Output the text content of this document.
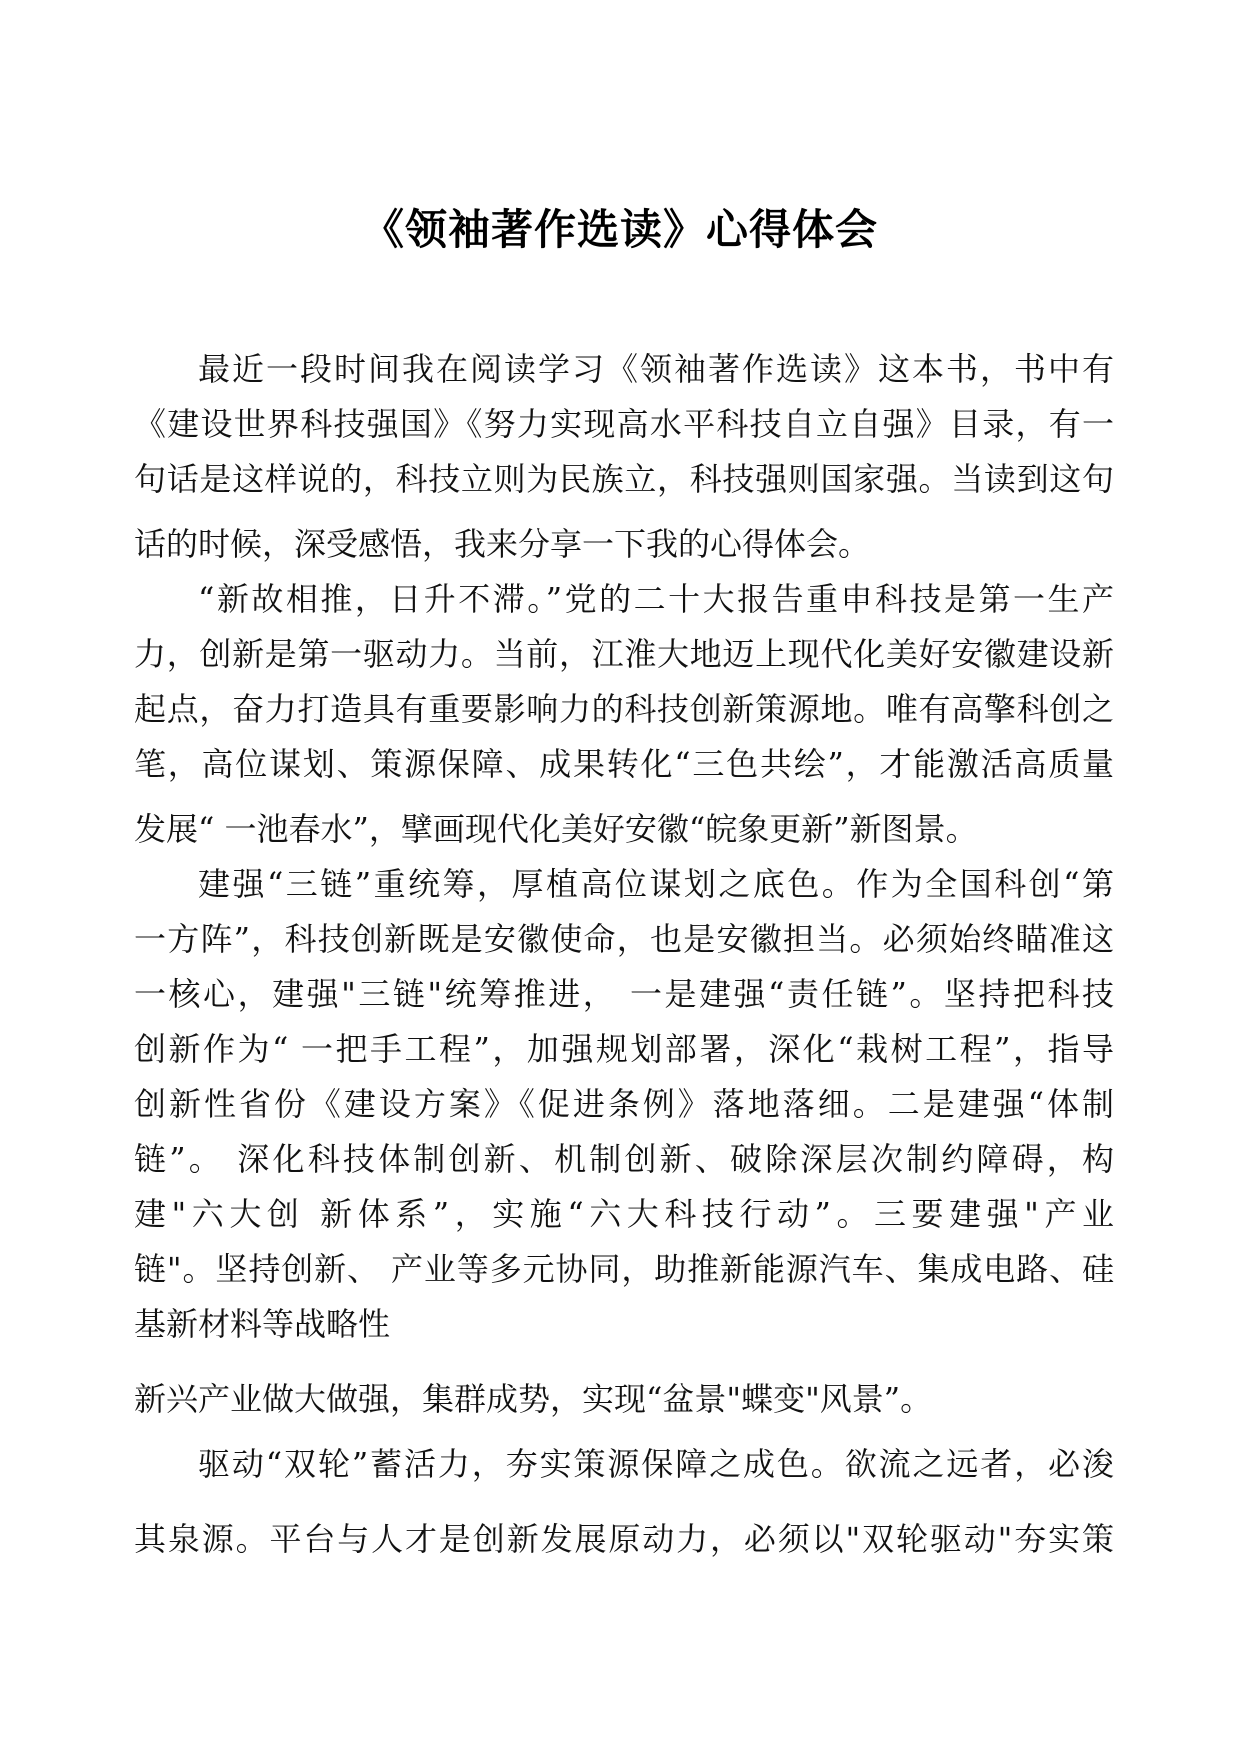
《领袖著作选读》心得体会
最近一段时间我在阅读学习《领袖著作选读》这本书，书中有
《建设世界科技强国》《努力实现高水平科技自立自强》目录，有一
句话是这样说的，科技立则为民族立，科技强则国家强。当读到这句
话的时候，深受感悟，我来分享一下我的心得体会。
“新故相推，日升不滞。”党的二十大报告重申科技是第一生产
力，创新是第一驱动力。当前，江淮大地迈上现代化美好安徽建设新
起点，奋力打造具有重要影响力的科技创新策源地。唯有高擎科创之
笔，高位谋划、策源保障、成果转化“三色共绘”，才能激活高质量
发展“ 一池春水”，擘画现代化美好安徽“皖象更新”新图景。
建强“三链”重统筹，厚植高位谋划之底色。作为全国科创“第
一方阵”，科技创新既是安徽使命，也是安徽担当。必须始终瞄准这
一核心，建强"三链"统筹推进， 一是建强“责任链”。坚持把科技
创新作为“ 一把手工程”，加强规划部署，深化“栽树工程”，指导
创新性省份《建设方案》《促进条例》落地落细。二是建强“体制
链”。 深化科技体制创新、机制创新、破除深层次制约障碍，构
建"六大创 新体系”，实施“六大科技行动”。三要建强"产业
链"。坚持创新、 产业等多元协同，助推新能源汽车、集成电路、硅
基新材料等战略性
新兴产业做大做强，集群成势，实现“盆景"蝶变"风景”。
驱动“双轮”蓄活力，夯实策源保障之成色。欲流之远者，必浚
其泉源。平台与人才是创新发展原动力，必须以"双轮驱动"夯实策
